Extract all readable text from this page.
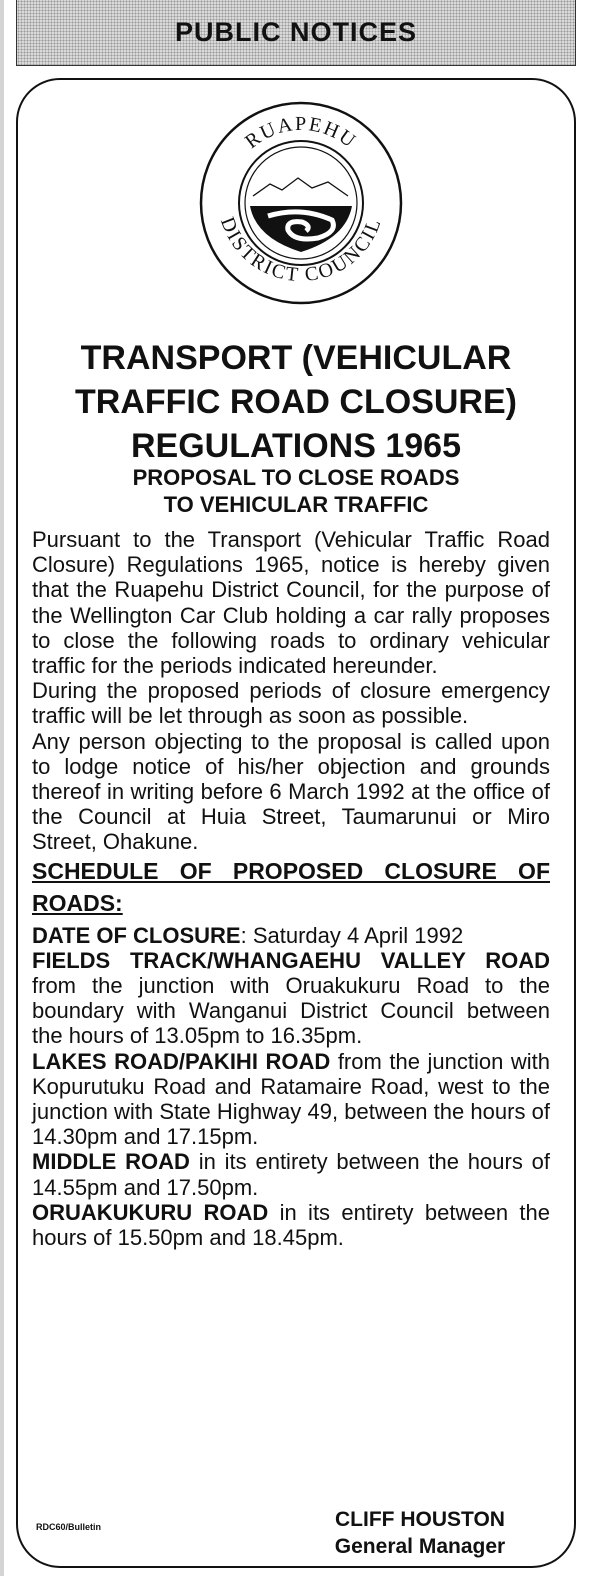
PUBLIC NOTICES
RUAPEHU
DISTRICT COUNCIL
TRANSPORT (VEHICULAR
TRAFFIC ROAD CLOSURE)
REGULATIONS 1965
PROPOSAL TO CLOSE ROADS
TO VEHICULAR TRAFFIC

Pursuant to the Transport (Vehicular Traffic Road Closure) Regulations 1965, notice is hereby given that the Ruapehu District Council, for the purpose of the Wellington Car Club holding a car rally proposes to close the following roads to ordinary vehicular traffic for the periods indicated hereunder.

During the proposed periods of closure emergency traffic will be let through as soon as possible.

Any person objecting to the proposal is called upon to lodge notice of his/her objection and grounds thereof in writing before 6 March 1992 at the office of the Council at Huia Street, Taumarunui or Miro Street, Ohakune.

SCHEDULE OF PROPOSED CLOSURE OF ROADS:

DATE OF CLOSURE: Saturday 4 April 1992

FIELDS TRACK/WHANGAEHU VALLEY ROAD from the junction with Oruakukuru Road to the boundary with Wanganui District Council between the hours of 13.05pm to 16.35pm.

LAKES ROAD/PAKIHI ROAD from the junction with Kopurutuku Road and Ratamaire Road, west to the junction with State Highway 49, between the hours of 14.30pm and 17.15pm.

MIDDLE ROAD in its entirety between the hours of 14.55pm and 17.50pm.

ORUAKUKURU ROAD in its entirety between the hours of 15.50pm and 18.45pm.

RDC60/Bulletin	CLIFF HOUSTON
General Manager
